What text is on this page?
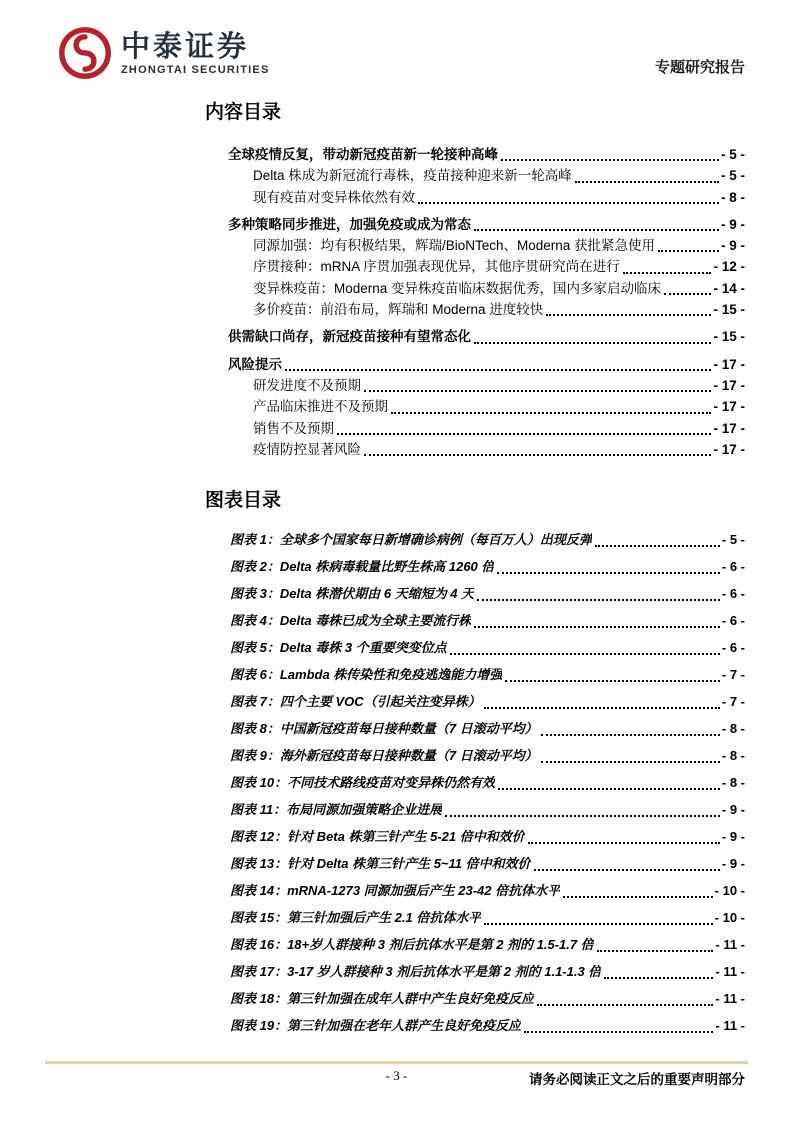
中泰证券
ZHONGTAI SECURITIES	专题研究报告
内容目录
全球疫情反复，带动新冠疫苗新一轮接种高峰	- 5 -
Delta 株成为新冠流行毒株，疫苗接种迎来新一轮高峰	- 5 -
现有疫苗对变异株依然有效	- 8 -
多种策略同步推进，加强免疫或成为常态	- 9 -
同源加强：均有积极结果，辉瑞/BioNTech、Moderna 获批紧急使用	- 9 -
序贯接种：mRNA 序贯加强表现优异，其他序贯研究尚在进行	- 12 -
变异株疫苗：Moderna 变异株疫苗临床数据优秀，国内多家启动临床	- 14 -
多价疫苗：前沿布局，辉瑞和 Moderna 进度较快	- 15 -
供需缺口尚存，新冠疫苗接种有望常态化	- 15 -
风险提示	- 17 -
研发进度不及预期	- 17 -
产品临床推进不及预期	- 17 -
销售不及预期	- 17 -
疫情防控显著风险	- 17 -
图表目录
图表 1：全球多个国家每日新增确诊病例（每百万人）出现反弹	- 5 -
图表 2：Delta 株病毒载量比野生株高 1260 倍	- 6 -
图表 3：Delta 株潜伏期由 6 天缩短为 4 天	- 6 -
图表 4：Delta 毒株已成为全球主要流行株	- 6 -
图表 5：Delta 毒株 3 个重要突变位点	- 6 -
图表 6：Lambda 株传染性和免疫逃逸能力增强	- 7 -
图表 7：四个主要 VOC（引起关注变异株）	- 7 -
图表 8：中国新冠疫苗每日接种数量（7 日滚动平均）	- 8 -
图表 9：海外新冠疫苗每日接种数量（7 日滚动平均）	- 8 -
图表 10：不同技术路线疫苗对变异株仍然有效	- 8 -
图表 11：布局同源加强策略企业进展	- 9 -
图表 12：针对 Beta 株第三针产生 5-21 倍中和效价	- 9 -
图表 13：针对 Delta 株第三针产生 5~11 倍中和效价	- 9 -
图表 14：mRNA-1273 同源加强后产生 23-42 倍抗体水平	- 10 -
图表 15：第三针加强后产生 2.1 倍抗体水平	- 10 -
图表 16：18+岁人群接种 3 剂后抗体水平是第 2 剂的 1.5-1.7 倍	- 11 -
图表 17：3-17 岁人群接种 3 剂后抗体水平是第 2 剂的 1.1-1.3 倍	- 11 -
图表 18：第三针加强在成年人群中产生良好免疫反应	- 11 -
图表 19：第三针加强在老年人群产生良好免疫反应	- 11 -
- 3 -	请务必阅读正文之后的重要声明部分
